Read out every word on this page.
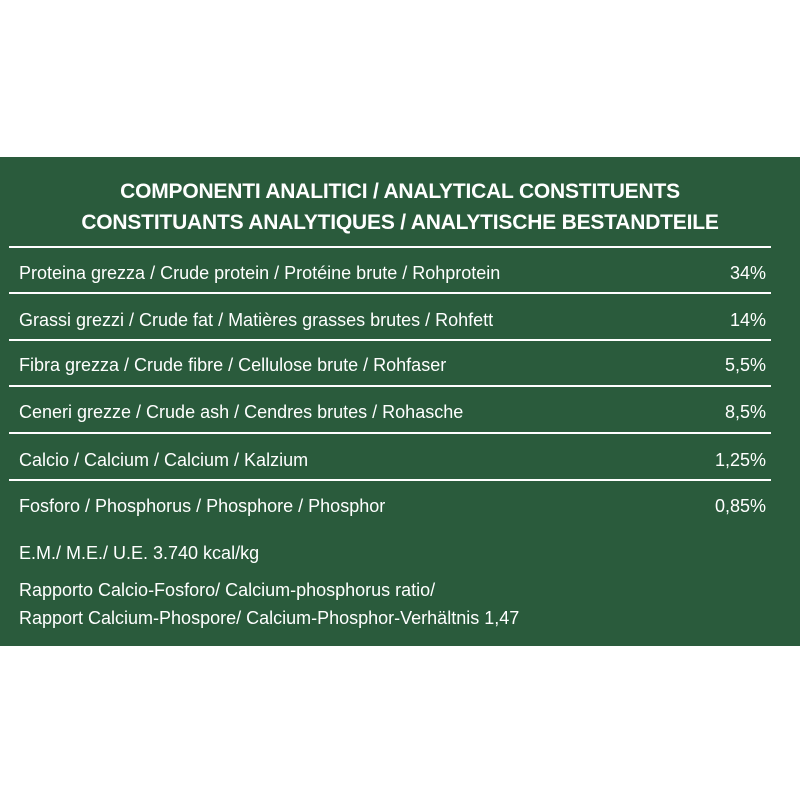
COMPONENTI ANALITICI / ANALYTICAL CONSTITUENTS
CONSTITUANTS ANALYTIQUES / ANALYTISCHE BESTANDTEILE
Proteina grezza / Crude protein / Protéine brute / Rohprotein	34%
Grassi grezzi / Crude fat / Matières grasses brutes / Rohfett	14%
Fibra grezza / Crude fibre / Cellulose brute / Rohfaser	5,5%
Ceneri grezze / Crude ash / Cendres brutes / Rohasche	8,5%
Calcio / Calcium / Calcium / Kalzium	1,25%
Fosforo / Phosphorus / Phosphore / Phosphor	0,85%
E.M./ M.E./ U.E. 3.740 kcal/kg
Rapporto Calcio-Fosforo/ Calcium-phosphorus ratio/
Rapport Calcium-Phospore/ Calcium-Phosphor-Verhältnis 1,47
